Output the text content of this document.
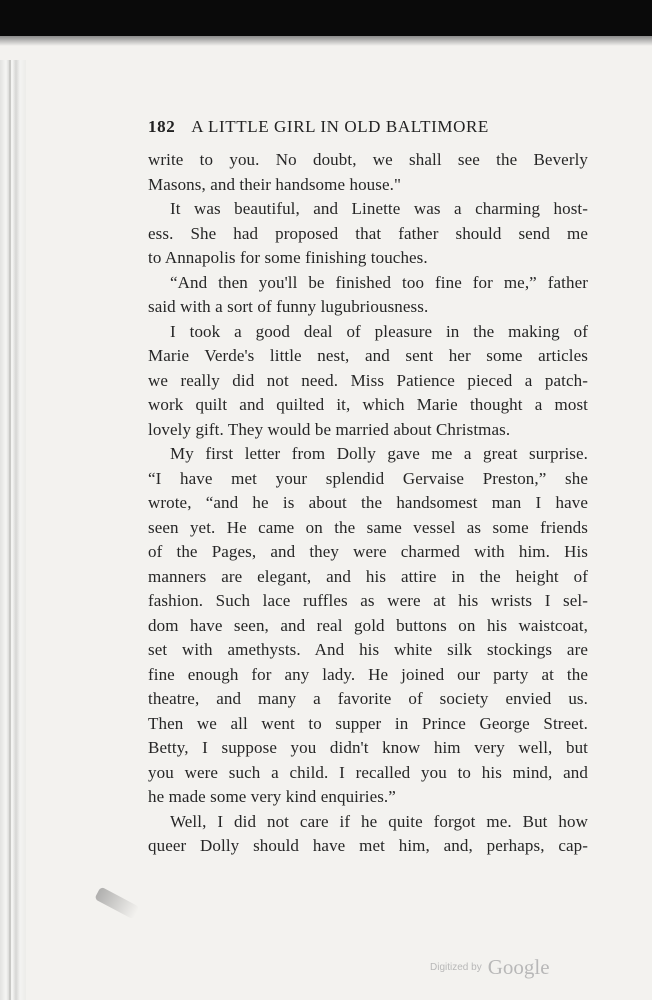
182 A LITTLE GIRL IN OLD BALTIMORE
write to you. No doubt, we shall see the Beverly
Masons, and their handsome house."
It was beautiful, and Linette was a charming host-
ess. She had proposed that father should send me
to Annapolis for some finishing touches.
“And then you'll be finished too fine for me,” father
said with a sort of funny lugubriousness.
I took a good deal of pleasure in the making of
Marie Verde's little nest, and sent her some articles
we really did not need. Miss Patience pieced a patch-
work quilt and quilted it, which Marie thought a most
lovely gift. They would be married about Christmas.
My first letter from Dolly gave me a great surprise.
“I have met your splendid Gervaise Preston,” she
wrote, “and he is about the handsomest man I have
seen yet. He came on the same vessel as some friends
of the Pages, and they were charmed with him. His
manners are elegant, and his attire in the height of
fashion. Such lace ruffles as were at his wrists I sel-
dom have seen, and real gold buttons on his waistcoat,
set with amethysts. And his white silk stockings are
fine enough for any lady. He joined our party at the
theatre, and many a favorite of society envied us.
Then we all went to supper in Prince George Street.
Betty, I suppose you didn't know him very well, but
you were such a child. I recalled you to his mind, and
he made some very kind enquiries.”
Well, I did not care if he quite forgot me. But how
queer Dolly should have met him, and, perhaps, cap-
Digitized by Google
